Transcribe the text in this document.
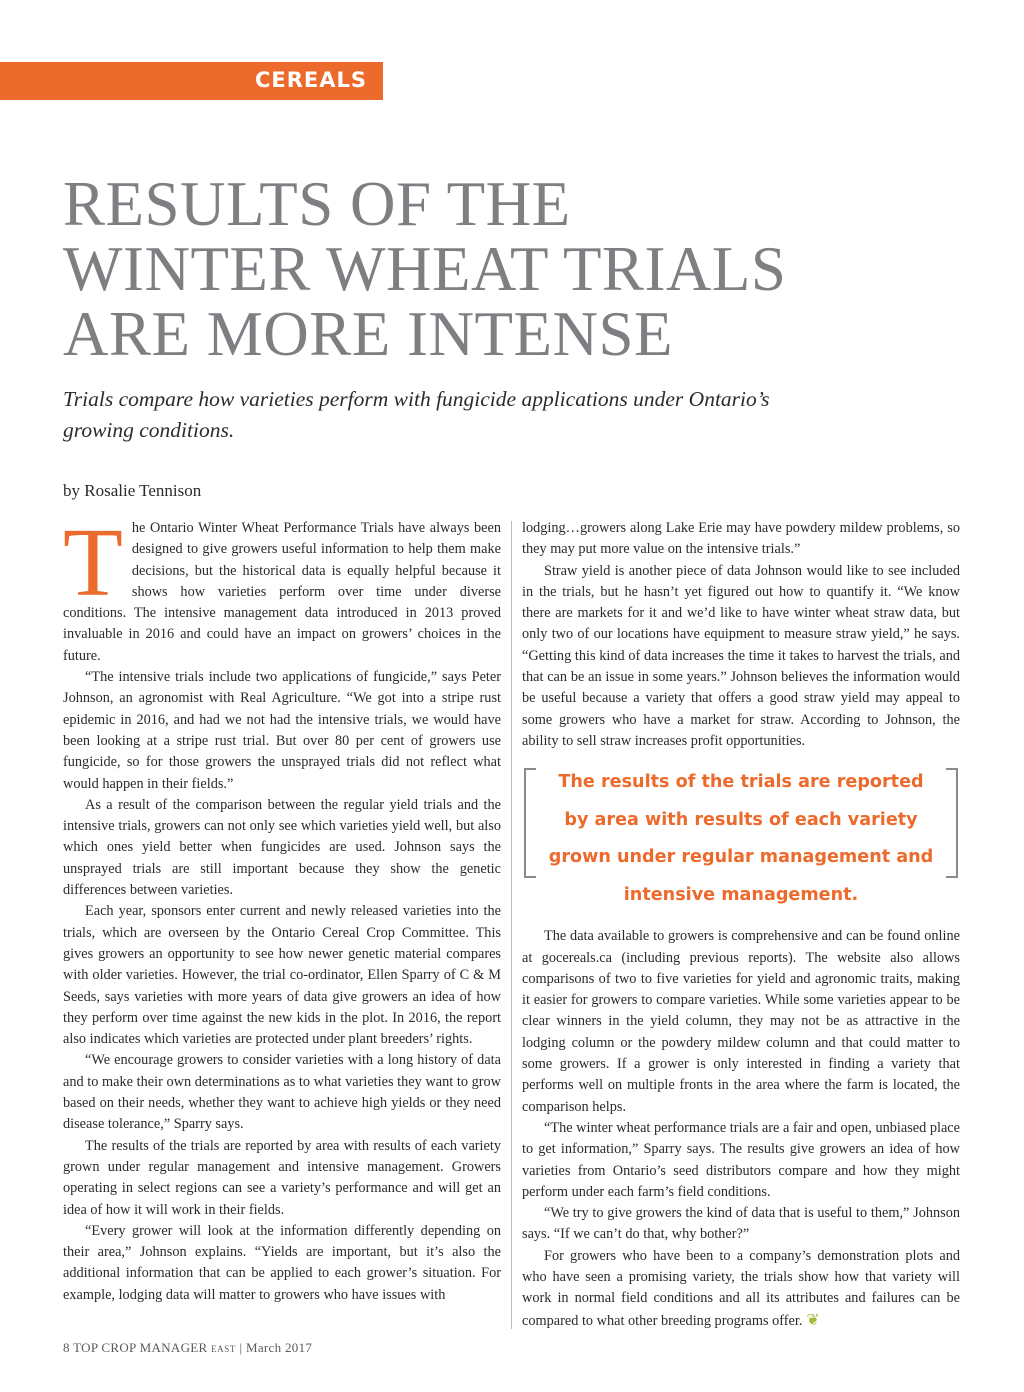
CEREALS
RESULTS OF THE
WINTER WHEAT TRIALS
ARE MORE INTENSE

Trials compare how varieties perform with fungicide applications under Ontario’s growing conditions.

by Rosalie Tennison

The Ontario Winter Wheat Performance Trials have always been designed to give growers useful information to help them make decisions, but the historical data is equally helpful because it shows how varieties perform over time under diverse conditions. The intensive management data introduced in 2013 proved invaluable in 2016 and could have an impact on growers’ choices in the future.

“The intensive trials include two applications of fungicide,” says Peter Johnson, an agronomist with Real Agriculture. “We got into a stripe rust epidemic in 2016, and had we not had the intensive trials, we would have been looking at a stripe rust trial. But over 80 per cent of growers use fungicide, so for those growers the unsprayed trials did not reflect what would happen in their fields.”

As a result of the comparison between the regular yield trials and the intensive trials, growers can not only see which varieties yield well, but also which ones yield better when fungicides are used. Johnson says the unsprayed trials are still important because they show the genetic differences between varieties.

Each year, sponsors enter current and newly released varieties into the trials, which are overseen by the Ontario Cereal Crop Committee. This gives growers an opportunity to see how newer genetic material compares with older varieties. However, the trial co-ordinator, Ellen Sparry of C & M Seeds, says varieties with more years of data give growers an idea of how they perform over time against the new kids in the plot. In 2016, the report also indicates which varieties are protected under plant breeders’ rights.

“We encourage growers to consider varieties with a long history of data and to make their own determinations as to what varieties they want to grow based on their needs, whether they want to achieve high yields or they need disease tolerance,” Sparry says.

The results of the trials are reported by area with results of each variety grown under regular management and intensive management. Growers operating in select regions can see a variety’s performance and will get an idea of how it will work in their fields.

“Every grower will look at the information differently depending on their area,” Johnson explains. “Yields are important, but it’s also the additional information that can be applied to each grower’s situation. For example, lodging data will matter to growers who have issues with

lodging…growers along Lake Erie may have powdery mildew problems, so they may put more value on the intensive trials.”

Straw yield is another piece of data Johnson would like to see included in the trials, but he hasn’t yet figured out how to quantify it. “We know there are markets for it and we’d like to have winter wheat straw data, but only two of our locations have equipment to measure straw yield,” he says. “Getting this kind of data increases the time it takes to harvest the trials, and that can be an issue in some years.” Johnson believes the information would be useful because a variety that offers a good straw yield may appeal to some growers who have a market for straw. According to Johnson, the ability to sell straw increases profit opportunities.

The results of the trials are reported by area with results of each variety grown under regular management and intensive management.

The data available to growers is comprehensive and can be found online at gocereals.ca (including previous reports). The website also allows comparisons of two to five varieties for yield and agronomic traits, making it easier for growers to compare varieties. While some varieties appear to be clear winners in the yield column, they may not be as attractive in the lodging column or the powdery mildew column and that could matter to some growers. If a grower is only interested in finding a variety that performs well on multiple fronts in the area where the farm is located, the comparison helps.

“The winter wheat performance trials are a fair and open, unbiased place to get information,” Sparry says. The results give growers an idea of how varieties from Ontario’s seed distributors compare and how they might perform under each farm’s field conditions.

“We try to give growers the kind of data that is useful to them,” Johnson says. “If we can’t do that, why bother?”

For growers who have been to a company’s demonstration plots and who have seen a promising variety, the trials show how that variety will work in normal field conditions and all its attributes and failures can be compared to what other breeding programs offer. ❦

8 TOP CROP MANAGER EAST | March 2017
